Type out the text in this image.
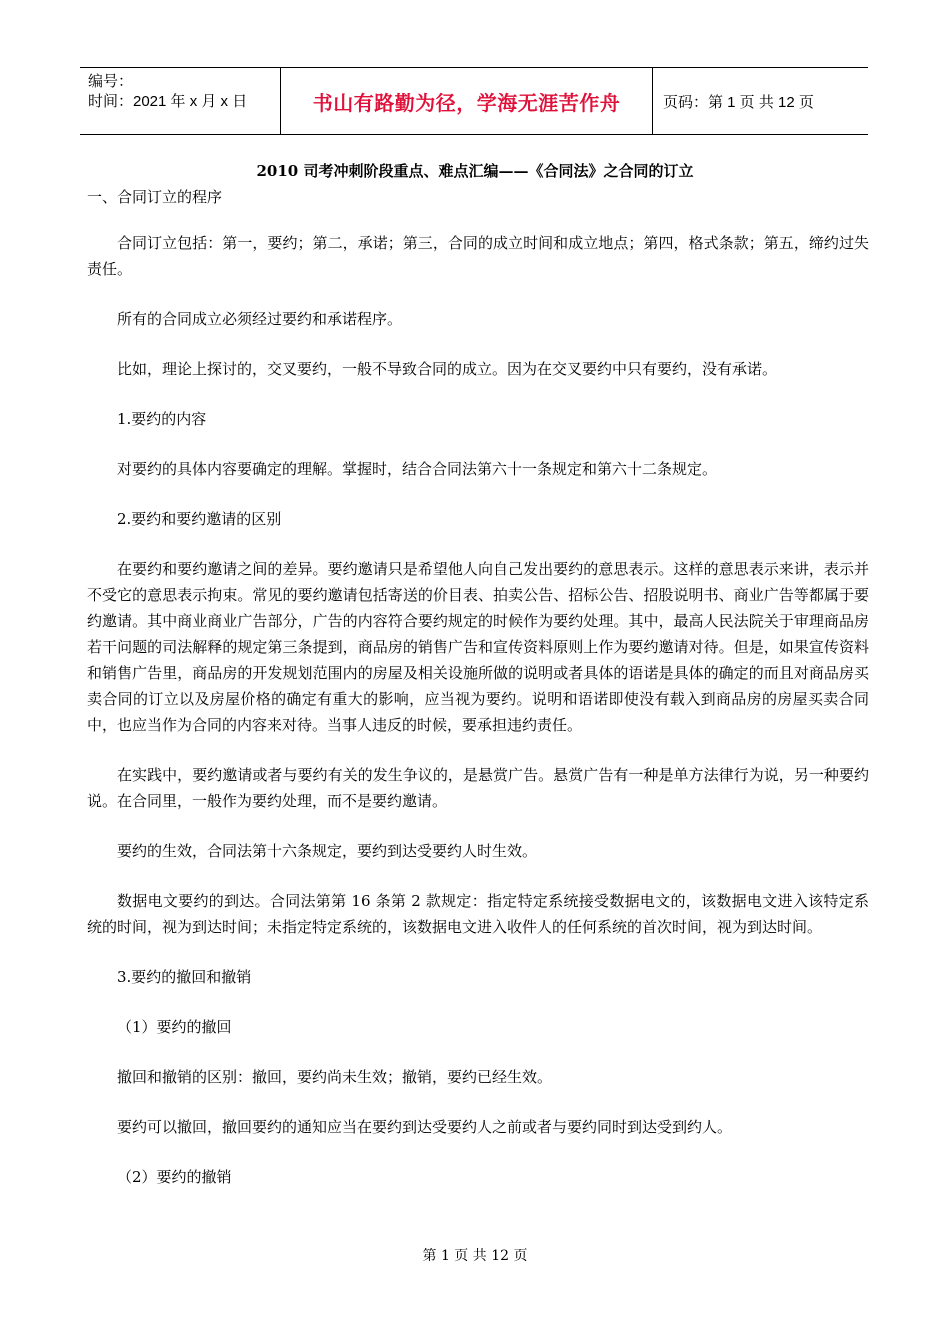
编号：
时间：2021 年 x 月 x 日	书山有路勤为径，学海无涯苦作舟	页码：第 1 页 共 12 页
2010 司考冲刺阶段重点、难点汇编——《合同法》之合同的订立

一、合同订立的程序

合同订立包括：第一，要约；第二，承诺；第三，合同的成立时间和成立地点；第四，格式条款；第五，缔约过失责任。

所有的合同成立必须经过要约和承诺程序。

比如，理论上探讨的，交叉要约，一般不导致合同的成立。因为在交叉要约中只有要约，没有承诺。

1.要约的内容

对要约的具体内容要确定的理解。掌握时，结合合同法第六十一条规定和第六十二条规定。

2.要约和要约邀请的区别

在要约和要约邀请之间的差异。要约邀请只是希望他人向自己发出要约的意思表示。这样的意思表示来讲，表示并不受它的意思表示拘束。常见的要约邀请包括寄送的价目表、拍卖公告、招标公告、招股说明书、商业广告等都属于要约邀请。其中商业商业广告部分，广告的内容符合要约规定的时候作为要约处理。其中，最高人民法院关于审理商品房若干问题的司法解释的规定第三条提到，商品房的销售广告和宣传资料原则上作为要约邀请对待。但是，如果宣传资料和销售广告里，商品房的开发规划范围内的房屋及相关设施所做的说明或者具体的语诺是具体的确定的而且对商品房买卖合同的订立以及房屋价格的确定有重大的影响，应当视为要约。说明和语诺即使没有载入到商品房的房屋买卖合同中，也应当作为合同的内容来对待。当事人违反的时候，要承担违约责任。

在实践中，要约邀请或者与要约有关的发生争议的，是悬赏广告。悬赏广告有一种是单方法律行为说，另一种要约说。在合同里，一般作为要约处理，而不是要约邀请。

要约的生效，合同法第十六条规定，要约到达受要约人时生效。

数据电文要约的到达。合同法第第 16 条第 2 款规定：指定特定系统接受数据电文的，该数据电文进入该特定系统的时间，视为到达时间；未指定特定系统的，该数据电文进入收件人的任何系统的首次时间，视为到达时间。

3.要约的撤回和撤销

（1）要约的撤回

撤回和撤销的区别：撤回，要约尚未生效；撤销，要约已经生效。

要约可以撤回，撤回要约的通知应当在要约到达受要约人之前或者与要约同时到达受到约人。

（2）要约的撤销

第 1 页 共 12 页
